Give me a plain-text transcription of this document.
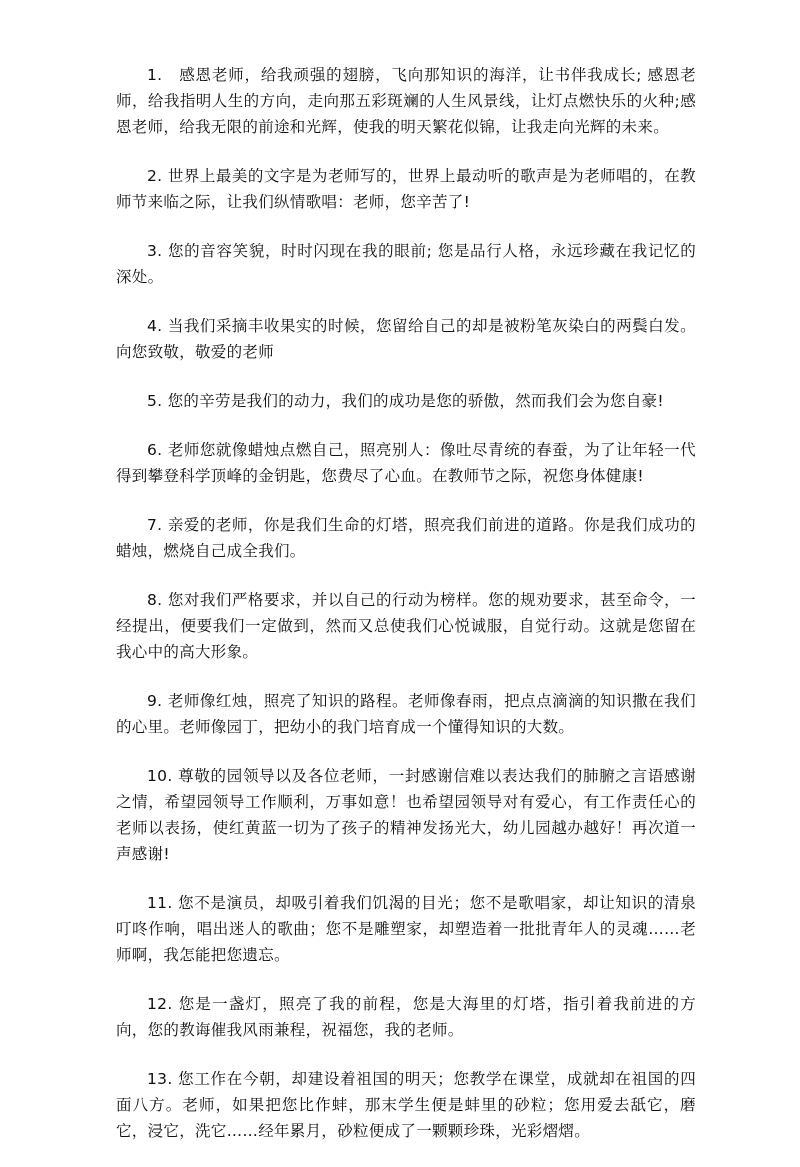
1.　感恩老师，给我顽强的翅膀，飞向那知识的海洋，让书伴我成长; 感恩老师，给我指明人生的方向，走向那五彩斑斓的人生风景线，让灯点燃快乐的火种;感恩老师，给我无限的前途和光辉，使我的明天繁花似锦，让我走向光辉的未来。

2. 世界上最美的文字是为老师写的，世界上最动听的歌声是为老师唱的，在教师节来临之际，让我们纵情歌唱：老师，您辛苦了!

3. 您的音容笑貌，时时闪现在我的眼前; 您是品行人格，永远珍藏在我记忆的深处。

4. 当我们采摘丰收果实的时候，您留给自己的却是被粉笔灰染白的两鬓白发。向您致敬，敬爱的老师

5. 您的辛劳是我们的动力，我们的成功是您的骄傲，然而我们会为您自豪!

6. 老师您就像蜡烛点燃自己，照亮别人：像吐尽青统的春蚕，为了让年轻一代得到攀登科学顶峰的金钥匙，您费尽了心血。在教师节之际，祝您身体健康!

7. 亲爱的老师，你是我们生命的灯塔，照亮我们前进的道路。你是我们成功的蜡烛，燃烧自己成全我们。

8. 您对我们严格要求，并以自己的行动为榜样。您的规劝要求，甚至命令，一经提出，便要我们一定做到，然而又总使我们心悦诚服，自觉行动。这就是您留在我心中的高大形象。

9. 老师像红烛，照亮了知识的路程。老师像春雨，把点点滴滴的知识撒在我们的心里。老师像园丁，把幼小的我门培育成一个懂得知识的大数。

10. 尊敬的园领导以及各位老师，一封感谢信难以表达我们的肺腑之言语感谢之情，希望园领导工作顺利，万事如意！也希望园领导对有爱心，有工作责任心的老师以表扬，使红黄蓝一切为了孩子的精神发扬光大，幼儿园越办越好！再次道一声感谢!

11. 您不是演员，却吸引着我们饥渴的目光；您不是歌唱家，却让知识的清泉叮咚作响，唱出迷人的歌曲；您不是雕塑家，却塑造着一批批青年人的灵魂……老师啊，我怎能把您遗忘。

12. 您是一盏灯，照亮了我的前程，您是大海里的灯塔，指引着我前进的方向，您的教诲催我风雨兼程，祝福您，我的老师。

13. 您工作在今朝，却建设着祖国的明天；您教学在课堂，成就却在祖国的四面八方。老师，如果把您比作蚌，那末学生便是蚌里的砂粒；您用爱去舐它，磨它，浸它，洗它……经年累月，砂粒便成了一颗颗珍珠，光彩熠熠。
